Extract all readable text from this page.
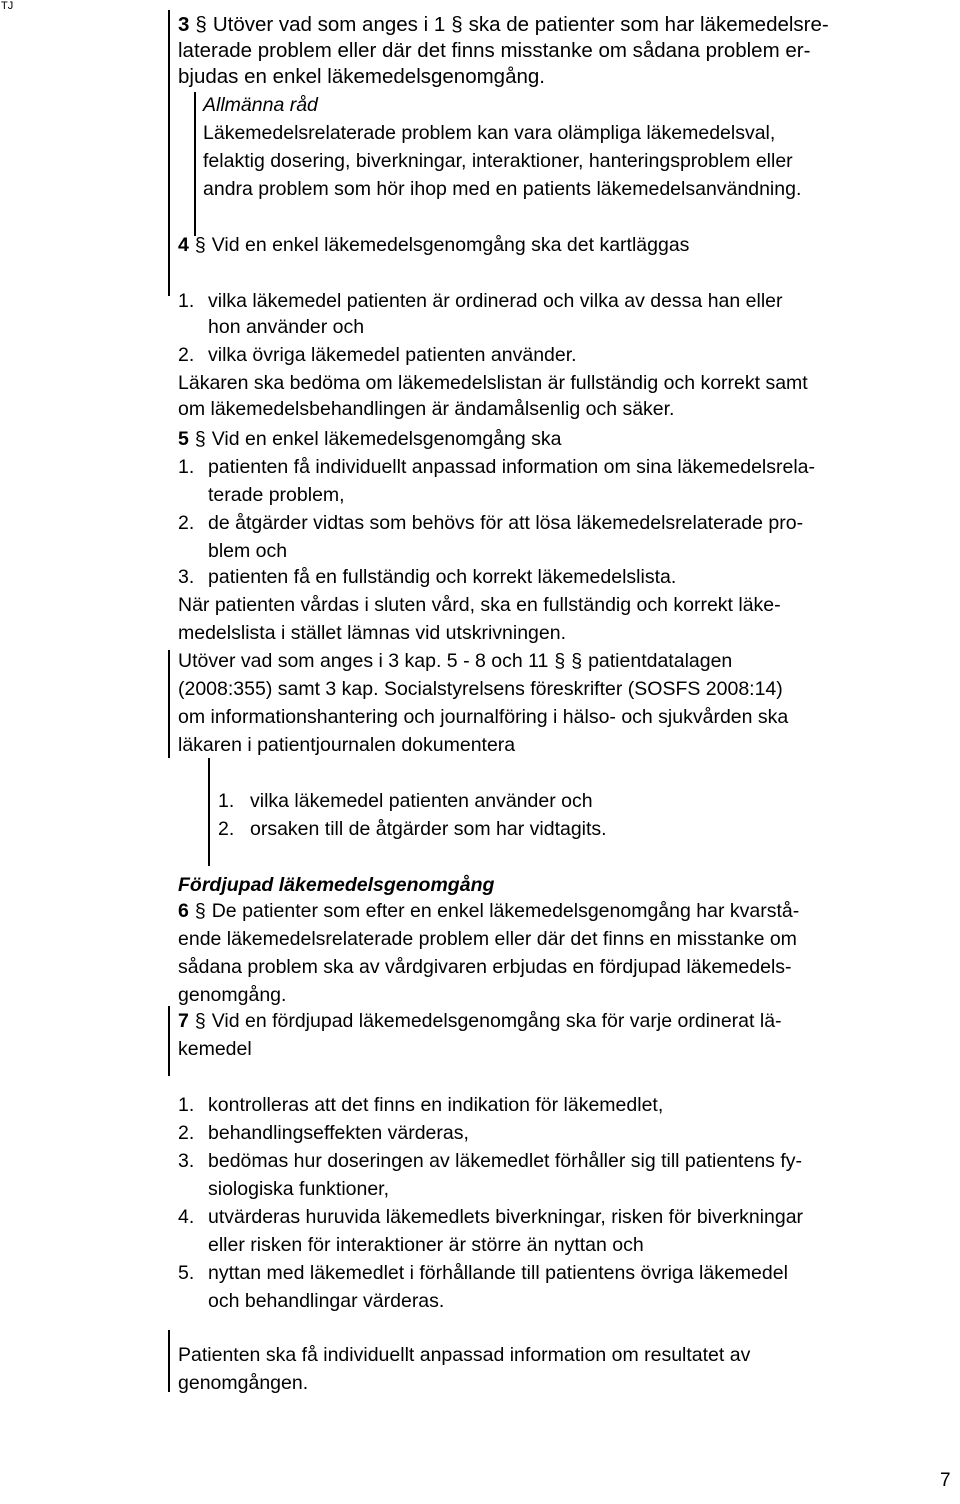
TJ
3 § Utöver vad som anges i 1 § ska de patienter som har läkemedelsre-
laterade problem eller där det finns misstanke om sådana problem er-
bjudas en enkel läkemedelsgenomgång.
Allmänna råd
Läkemedelsrelaterade problem kan vara olämpliga läkemedelsval,
felaktig dosering, biverkningar, interaktioner, hanteringsproblem eller
andra problem som hör ihop med en patients läkemedelsanvändning.
4 § Vid en enkel läkemedelsgenomgång ska det kartläggas
1. vilka läkemedel patienten är ordinerad och vilka av dessa han eller
hon använder och
2. vilka övriga läkemedel patienten använder.
Läkaren ska bedöma om läkemedelslistan är fullständig och korrekt samt
om läkemedelsbehandlingen är ändamålsenlig och säker.
5 § Vid en enkel läkemedelsgenomgång ska
1. patienten få individuellt anpassad information om sina läkemedelsrela-
terade problem,
2. de åtgärder vidtas som behövs för att lösa läkemedelsrelaterade pro-
blem och
3. patienten få en fullständig och korrekt läkemedelslista.
När patienten vårdas i sluten vård, ska en fullständig och korrekt läke-
medelslista i stället lämnas vid utskrivningen.
Utöver vad som anges i 3 kap. 5 - 8 och 11 § § patientdatalagen
(2008:355) samt 3 kap. Socialstyrelsens föreskrifter (SOSFS 2008:14)
om informationshantering och journalföring i hälso- och sjukvården ska
läkaren i patientjournalen dokumentera
1. vilka läkemedel patienten använder och
2. orsaken till de åtgärder som har vidtagits.
Fördjupad läkemedelsgenomgång
6 § De patienter som efter en enkel läkemedelsgenomgång har kvarstå-
ende läkemedelsrelaterade problem eller där det finns en misstanke om
sådana problem ska av vårdgivaren erbjudas en fördjupad läkemedels-
genomgång.
7 § Vid en fördjupad läkemedelsgenomgång ska för varje ordinerat lä-
kemedel
1. kontrolleras att det finns en indikation för läkemedlet,
2. behandlingseffekten värderas,
3. bedömas hur doseringen av läkemedlet förhåller sig till patientens fy-
siologiska funktioner,
4. utvärderas huruvida läkemedlets biverkningar, risken för biverkningar
eller risken för interaktioner är större än nyttan och
5. nyttan med läkemedlet i förhållande till patientens övriga läkemedel
och behandlingar värderas.
Patienten ska få individuellt anpassad information om resultatet av
genomgången.
7
